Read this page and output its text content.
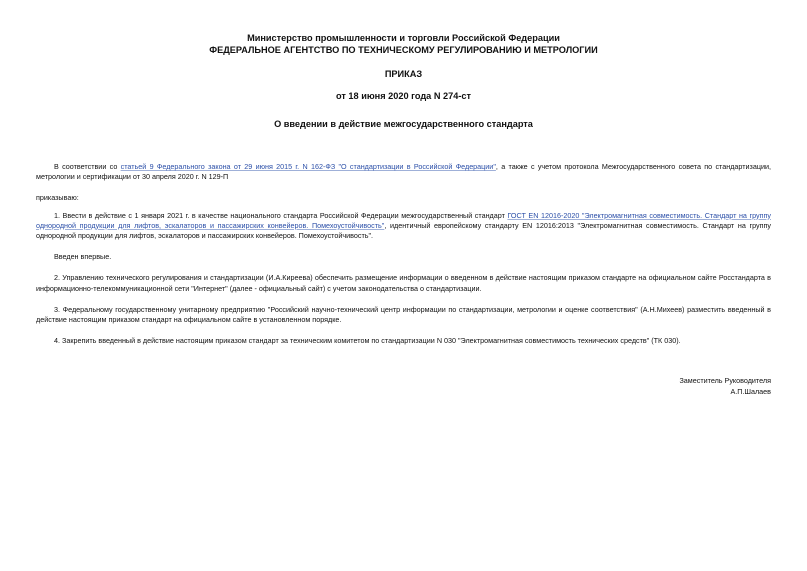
Министерство промышленности и торговли Российской Федерации

ФЕДЕРАЛЬНОЕ АГЕНТСТВО ПО ТЕХНИЧЕСКОМУ РЕГУЛИРОВАНИЮ И МЕТРОЛОГИИ

ПРИКАЗ

от 18 июня 2020 года N 274-ст

О введении в действие межгосударственного стандарта

В соответствии со статьей 9 Федерального закона от 29 июня 2015 г. N 162-ФЗ "О стандартизации в Российской Федерации", а также с учетом протокола Межгосударственного совета по стандартизации, метрологии и сертификации от 30 апреля 2020 г. N 129-П

приказываю:

1. Ввести в действие с 1 января 2021 г. в качестве национального стандарта Российской Федерации межгосударственный стандарт ГОСТ EN 12016-2020 "Электромагнитная совместимость. Стандарт на группу однородной продукции для лифтов, эскалаторов и пассажирских конвейеров. Помехоустойчивость", идентичный европейскому стандарту EN 12016:2013 "Электромагнитная совместимость. Стандарт на группу однородной продукции для лифтов, эскалаторов и пассажирских конвейеров. Помехоустойчивость".

Введен впервые.

2. Управлению технического регулирования и стандартизации (И.А.Киреева) обеспечить размещение информации о введенном в действие настоящим приказом стандарте на официальном сайте Росстандарта в информационно-телекоммуникационной сети "Интернет" (далее - официальный сайт) с учетом законодательства о стандартизации.

3. Федеральному государственному унитарному предприятию "Российский научно-технический центр информации по стандартизации, метрологии и оценке соответствия" (А.Н.Михеев) разместить введенный в действие настоящим приказом стандарт на официальном сайте в установленном порядке.

4. Закрепить введенный в действие настоящим приказом стандарт за техническим комитетом по стандартизации N 030 "Электромагнитная совместимость технических средств" (ТК 030).

Заместитель Руководителя
А.П.Шалаев
